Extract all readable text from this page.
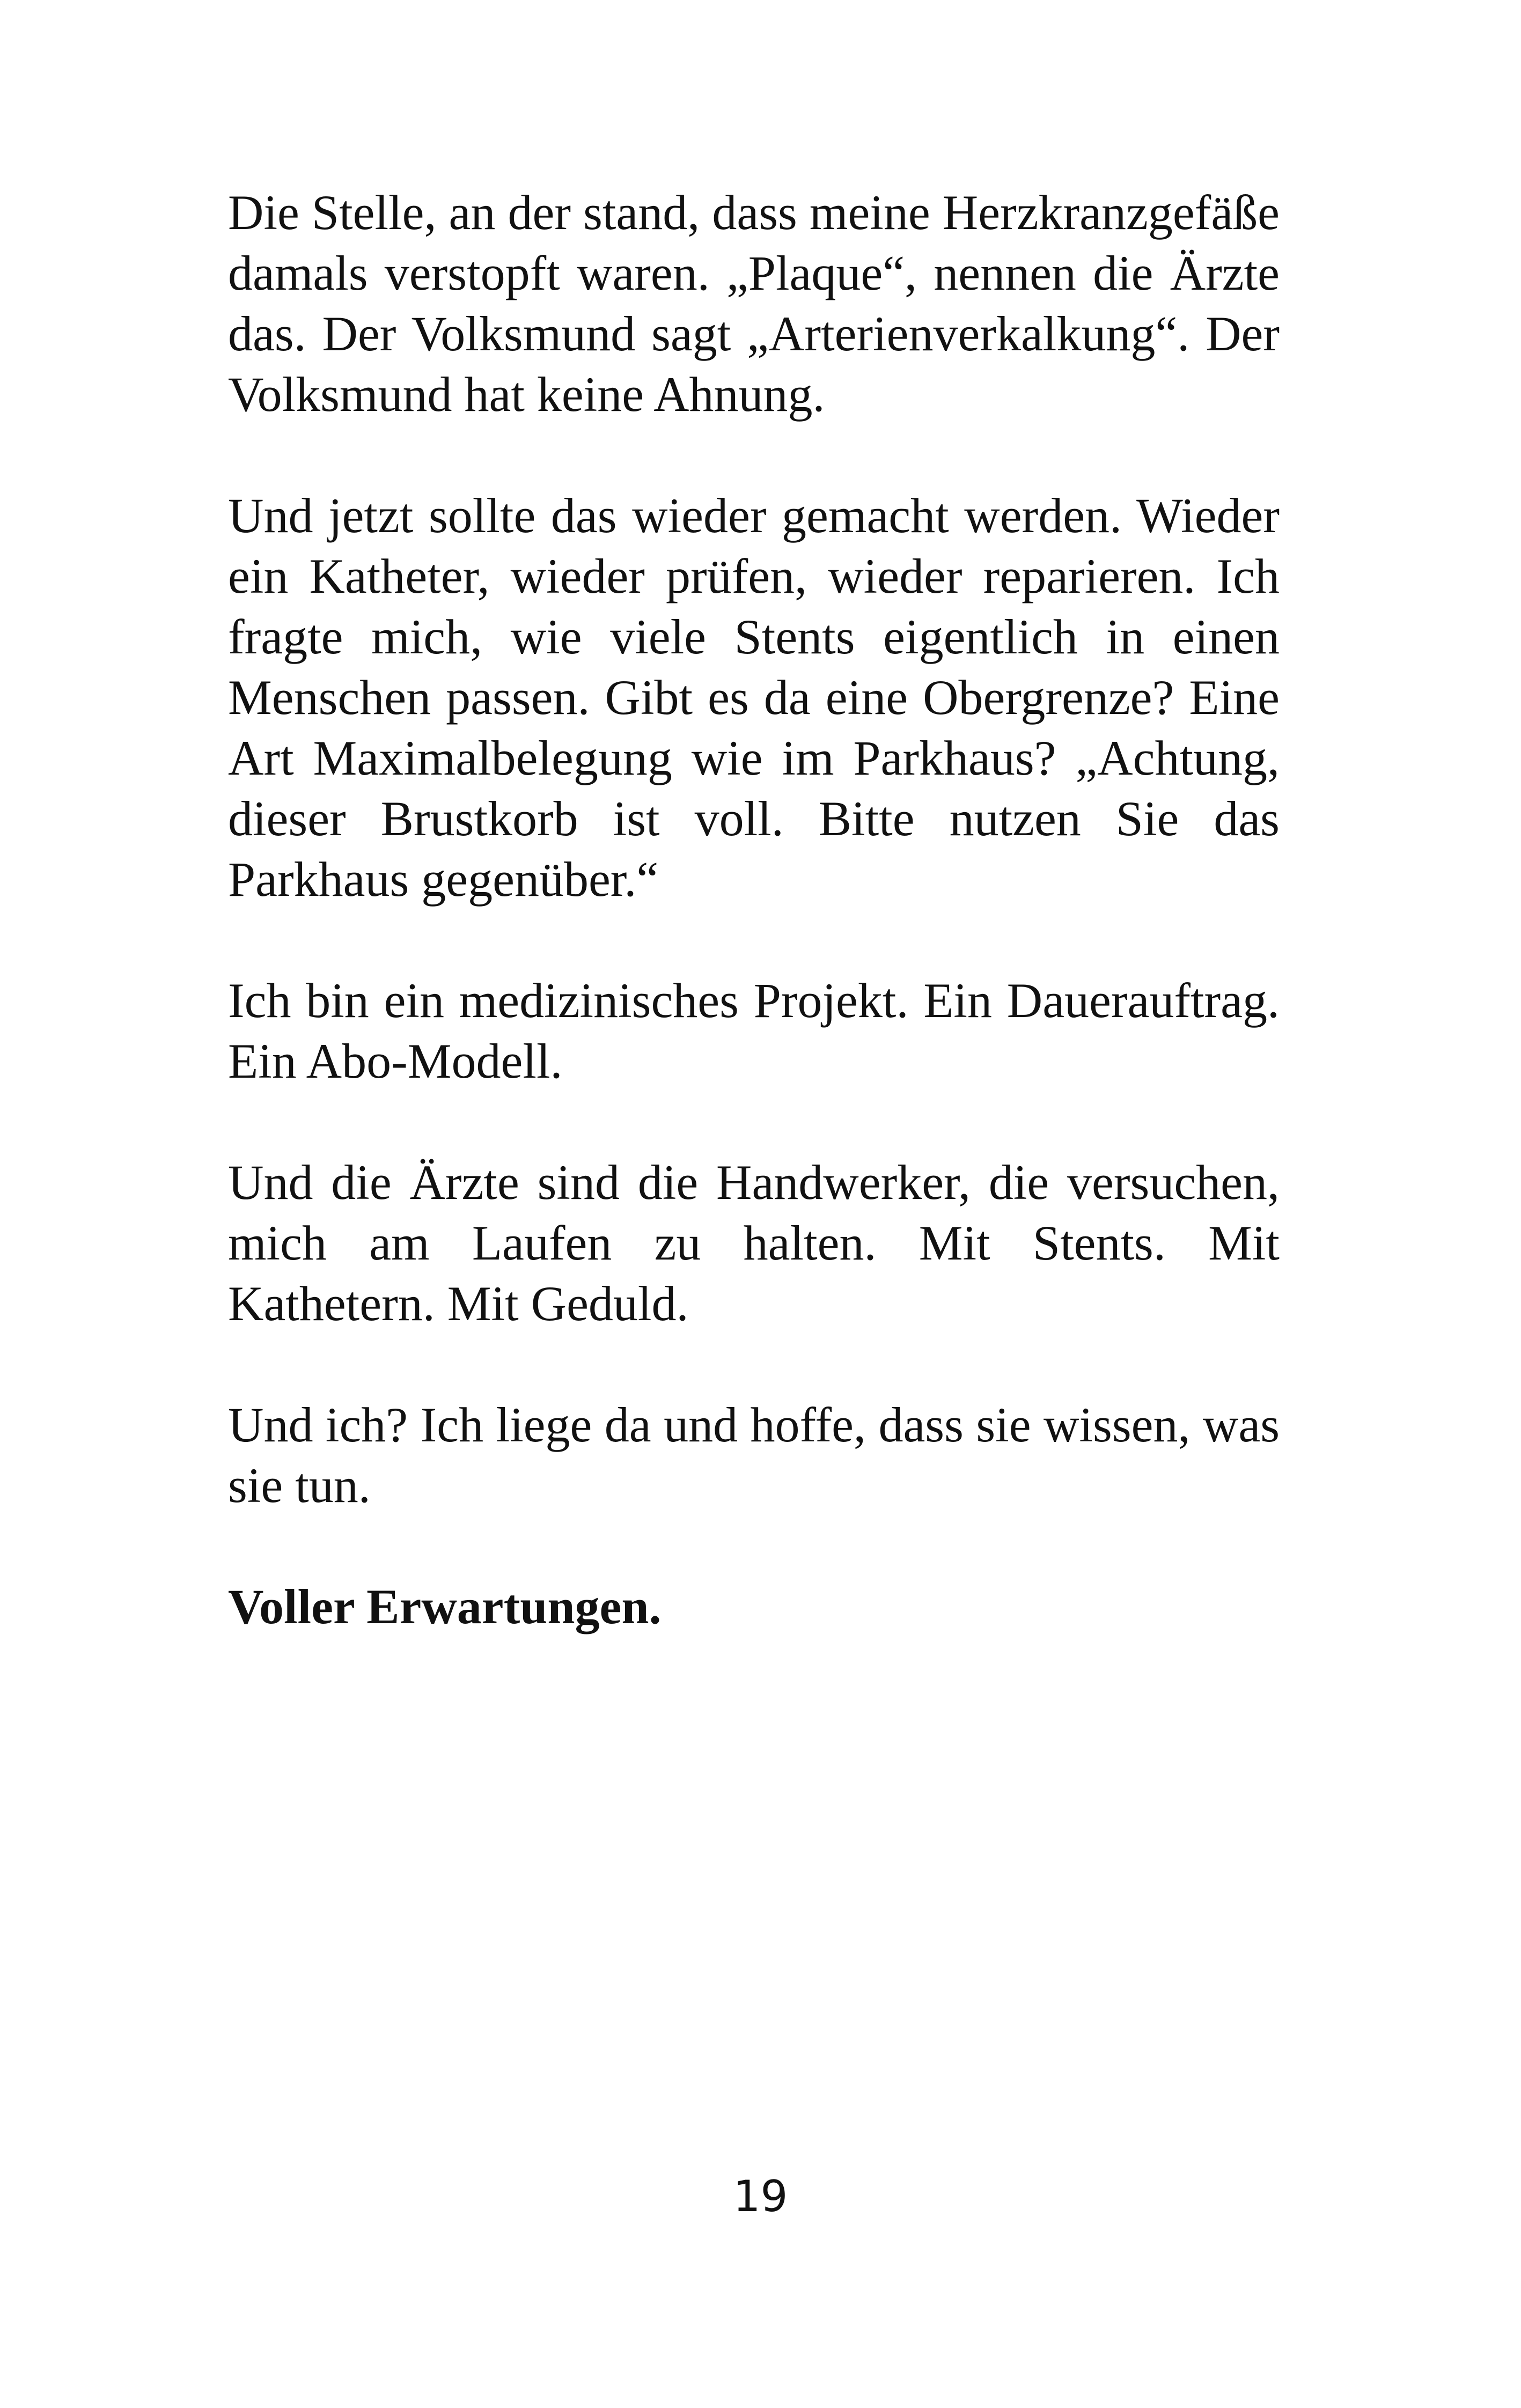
Die Stelle, an der stand, dass meine Herzkranzgefäße damals verstopft waren. „Plaque“, nennen die Ärzte das. Der Volksmund sagt „Arterienverkalkung“. Der Volksmund hat keine Ahnung.

Und jetzt sollte das wieder gemacht werden. Wieder ein Katheter, wieder prüfen, wieder reparieren. Ich fragte mich, wie viele Stents eigentlich in einen Menschen passen. Gibt es da eine Obergrenze? Eine Art Maximalbelegung wie im Parkhaus? „Achtung, dieser Brustkorb ist voll. Bitte nutzen Sie das Parkhaus gegenüber.“

Ich bin ein medizinisches Projekt. Ein Dauerauftrag. Ein Abo-Modell.

Und die Ärzte sind die Handwerker, die versuchen, mich am Laufen zu halten. Mit Stents. Mit Kathetern. Mit Geduld.

Und ich? Ich liege da und hoffe, dass sie wissen, was sie tun.

Voller Erwartungen.

19
